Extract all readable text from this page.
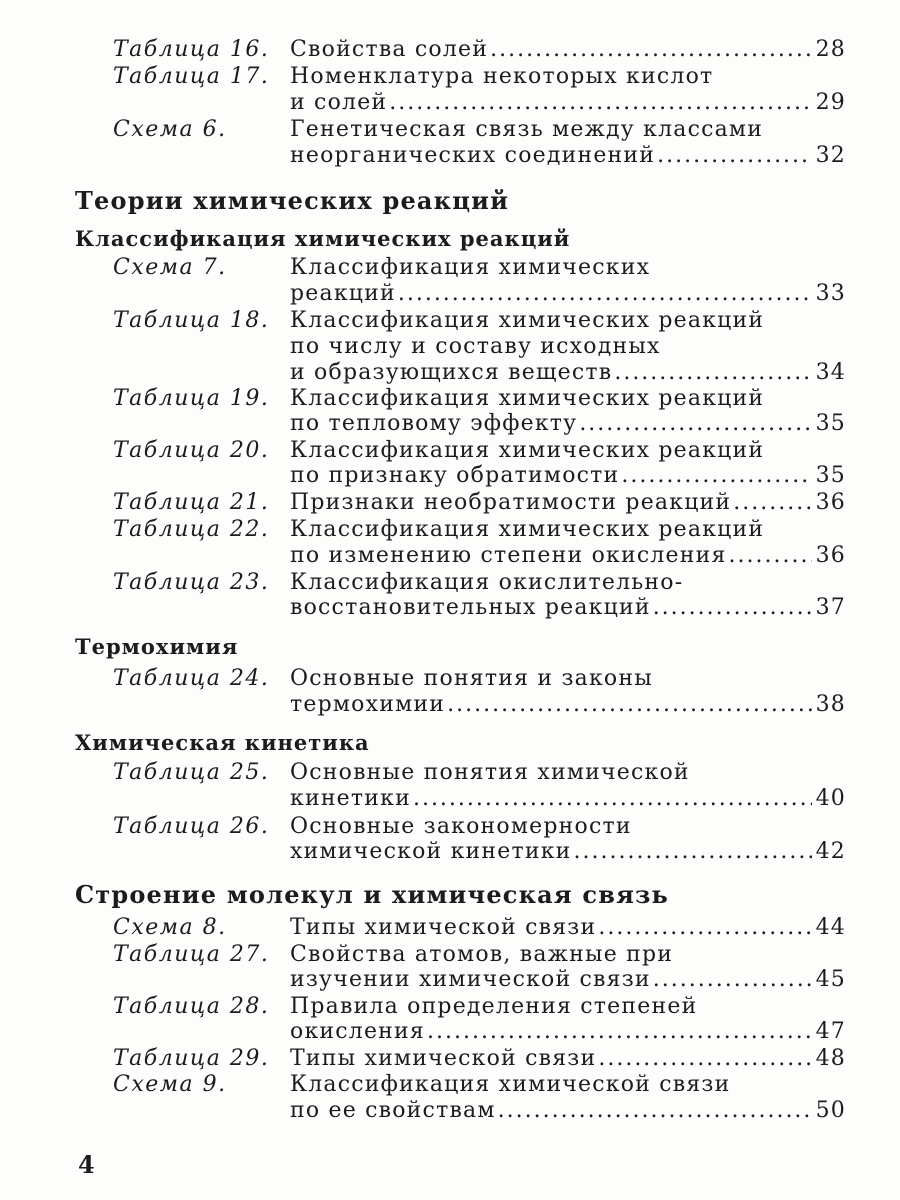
Таблица 16. Свойства солей .....	28
Таблица 17. Номенклатура некоторых кислот
и солей .....	29
Схема 6.	Генетическая связь между классами
неорганических соединений .....	32
Теории химических реакций
Классификация химических реакций
Схема 7.	Классификация химических
реакций .....	33
Таблица 18. Классификация химических реакций
по числу и составу исходных
и образующихся веществ .....	34
Таблица 19. Классификация химических реакций
по тепловому эффекту .....	35
Таблица 20. Классификация химических реакций
по признаку обратимости .....	35
Таблица 21. Признаки необратимости реакций .....	36
Таблица 22. Классификация химических реакций
по изменению степени окисления .....	36
Таблица 23. Классификация окислительно-
восстановительных реакций .....	37
Термохимия
Таблица 24. Основные понятия и законы
термохимии .....	38
Химическая кинетика
Таблица 25. Основные понятия химической
кинетики .....	40
Таблица 26. Основные закономерности
химической кинетики .....	42
Строение молекул и химическая связь
Схема 8.	Типы химической связи .....	44
Таблица 27. Свойства атомов, важные при
изучении химической связи .....	45
Таблица 28. Правила определения степеней
окисления .....	47
Таблица 29. Типы химической связи .....	48
Схема 9.	Классификация химической связи
по ее свойствам .....	50
4
